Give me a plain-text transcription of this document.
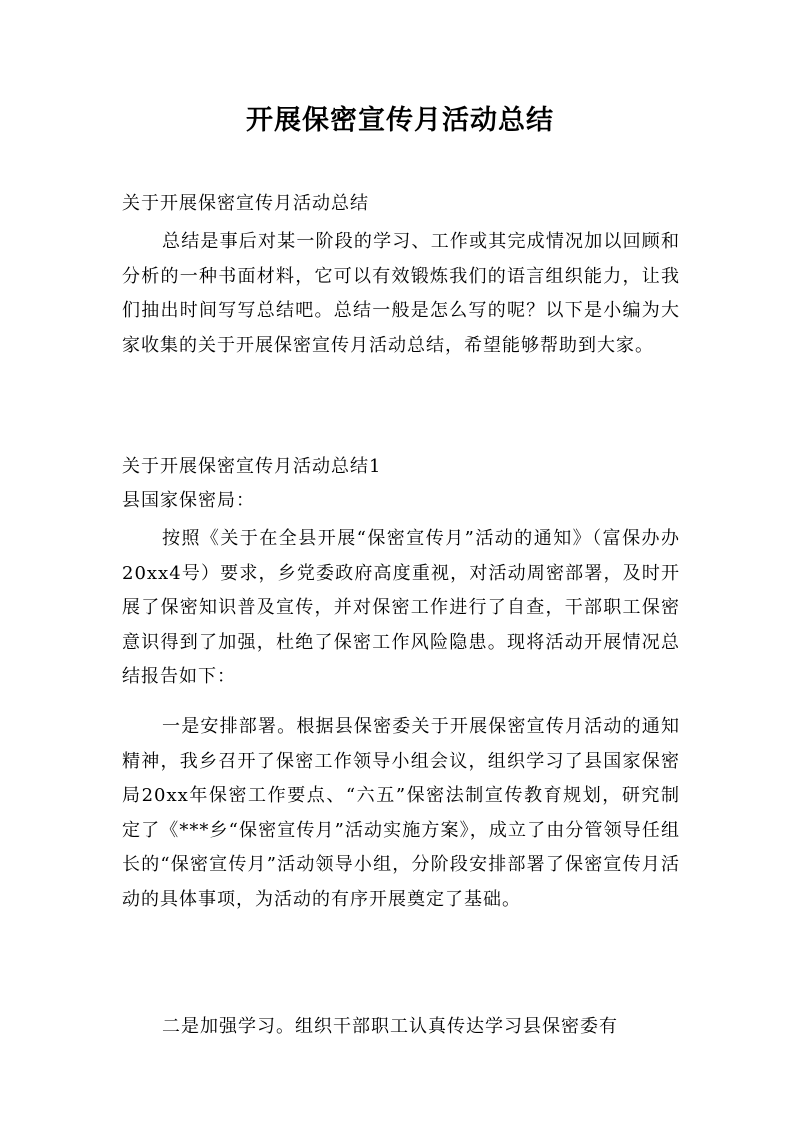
开展保密宣传月活动总结

关于开展保密宣传月活动总结

总结是事后对某一阶段的学习、工作或其完成情况加以回顾和分析的一种书面材料，它可以有效锻炼我们的语言组织能力，让我们抽出时间写写总结吧。总结一般是怎么写的呢？以下是小编为大家收集的关于开展保密宣传月活动总结，希望能够帮助到大家。

关于开展保密宣传月活动总结1

县国家保密局：

按照《关于在全县开展“保密宣传月”活动的通知》（富保办办20xx4号）要求，乡党委政府高度重视，对活动周密部署，及时开展了保密知识普及宣传，并对保密工作进行了自查，干部职工保密意识得到了加强，杜绝了保密工作风险隐患。现将活动开展情况总结报告如下：

一是安排部署。根据县保密委关于开展保密宣传月活动的通知精神，我乡召开了保密工作领导小组会议，组织学习了县国家保密局20xx年保密工作要点、“六五”保密法制宣传教育规划，研究制定了《***乡“保密宣传月”活动实施方案》，成立了由分管领导任组长的“保密宣传月”活动领导小组，分阶段安排部署了保密宣传月活动的具体事项，为活动的有序开展奠定了基础。

二是加强学习。组织干部职工认真传达学习县保密委有
